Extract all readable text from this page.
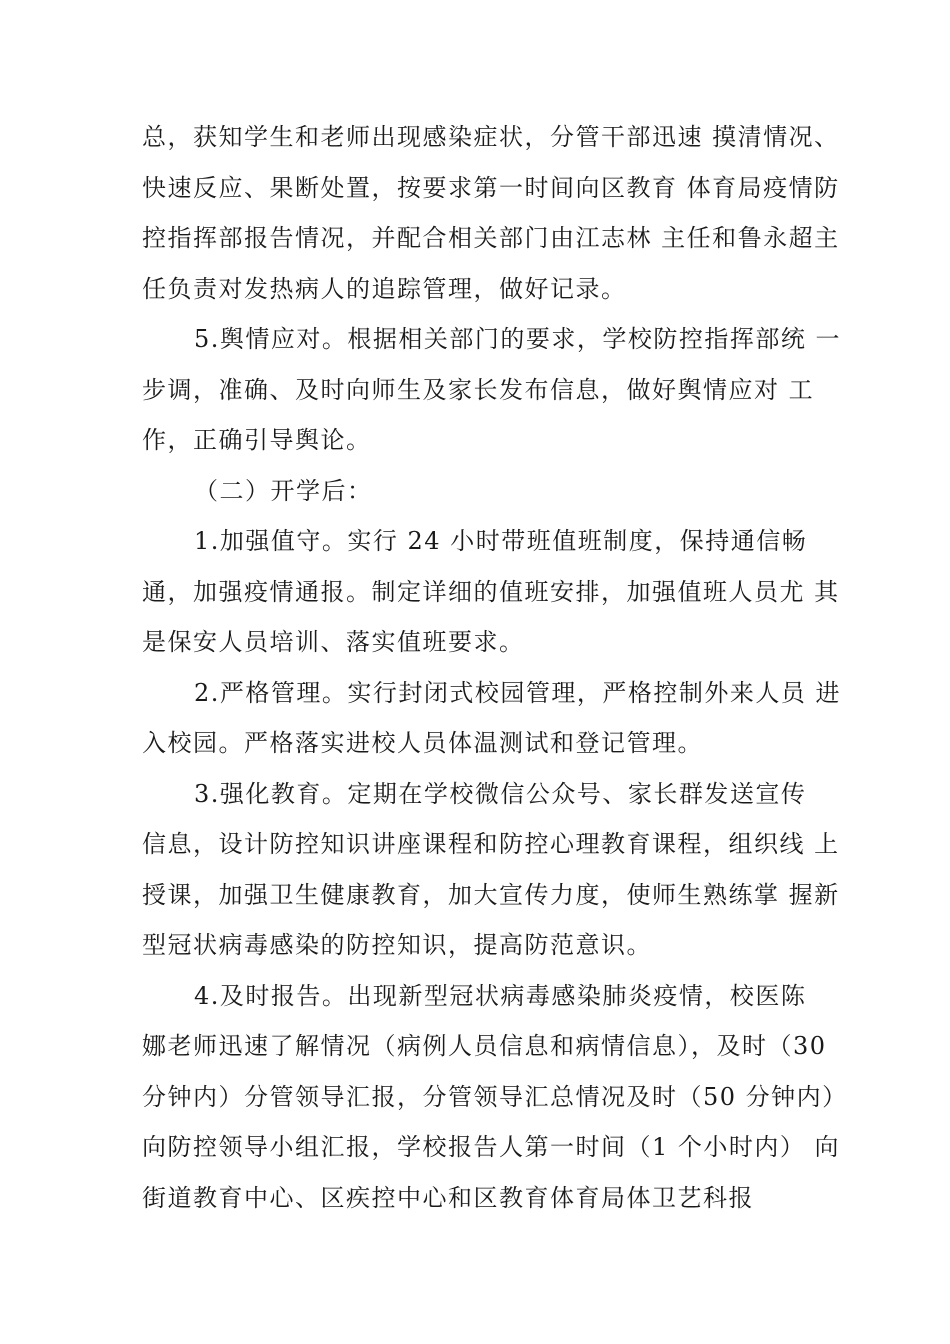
总，获知学生和老师出现感染症状，分管干部迅速 摸清情况、
快速反应、果断处置，按要求第一时间向区教育 体育局疫情防
控指挥部报告情况，并配合相关部门由江志林 主任和鲁永超主
任负责对发热病人的追踪管理，做好记录。
5.舆情应对。根据相关部门的要求，学校防控指挥部统 一
步调，准确、及时向师生及家长发布信息，做好舆情应对 工
作，正确引导舆论。
（二）开学后：
1.加强值守。实行 24 小时带班值班制度，保持通信畅
通，加强疫情通报。制定详细的值班安排，加强值班人员尤 其
是保安人员培训、落实值班要求。
2.严格管理。实行封闭式校园管理，严格控制外来人员 进
入校园。严格落实进校人员体温测试和登记管理。
3.强化教育。定期在学校微信公众号、家长群发送宣传
信息，设计防控知识讲座课程和防控心理教育课程，组织线 上
授课，加强卫生健康教育，加大宣传力度，使师生熟练掌 握新
型冠状病毒感染的防控知识，提高防范意识。
4.及时报告。出现新型冠状病毒感染肺炎疫情，校医陈
娜老师迅速了解情况（病例人员信息和病情信息），及时（30
分钟内）分管领导汇报，分管领导汇总情况及时（50 分钟内）
向防控领导小组汇报，学校报告人第一时间（1 个小时内） 向
街道教育中心、区疾控中心和区教育体育局体卫艺科报
